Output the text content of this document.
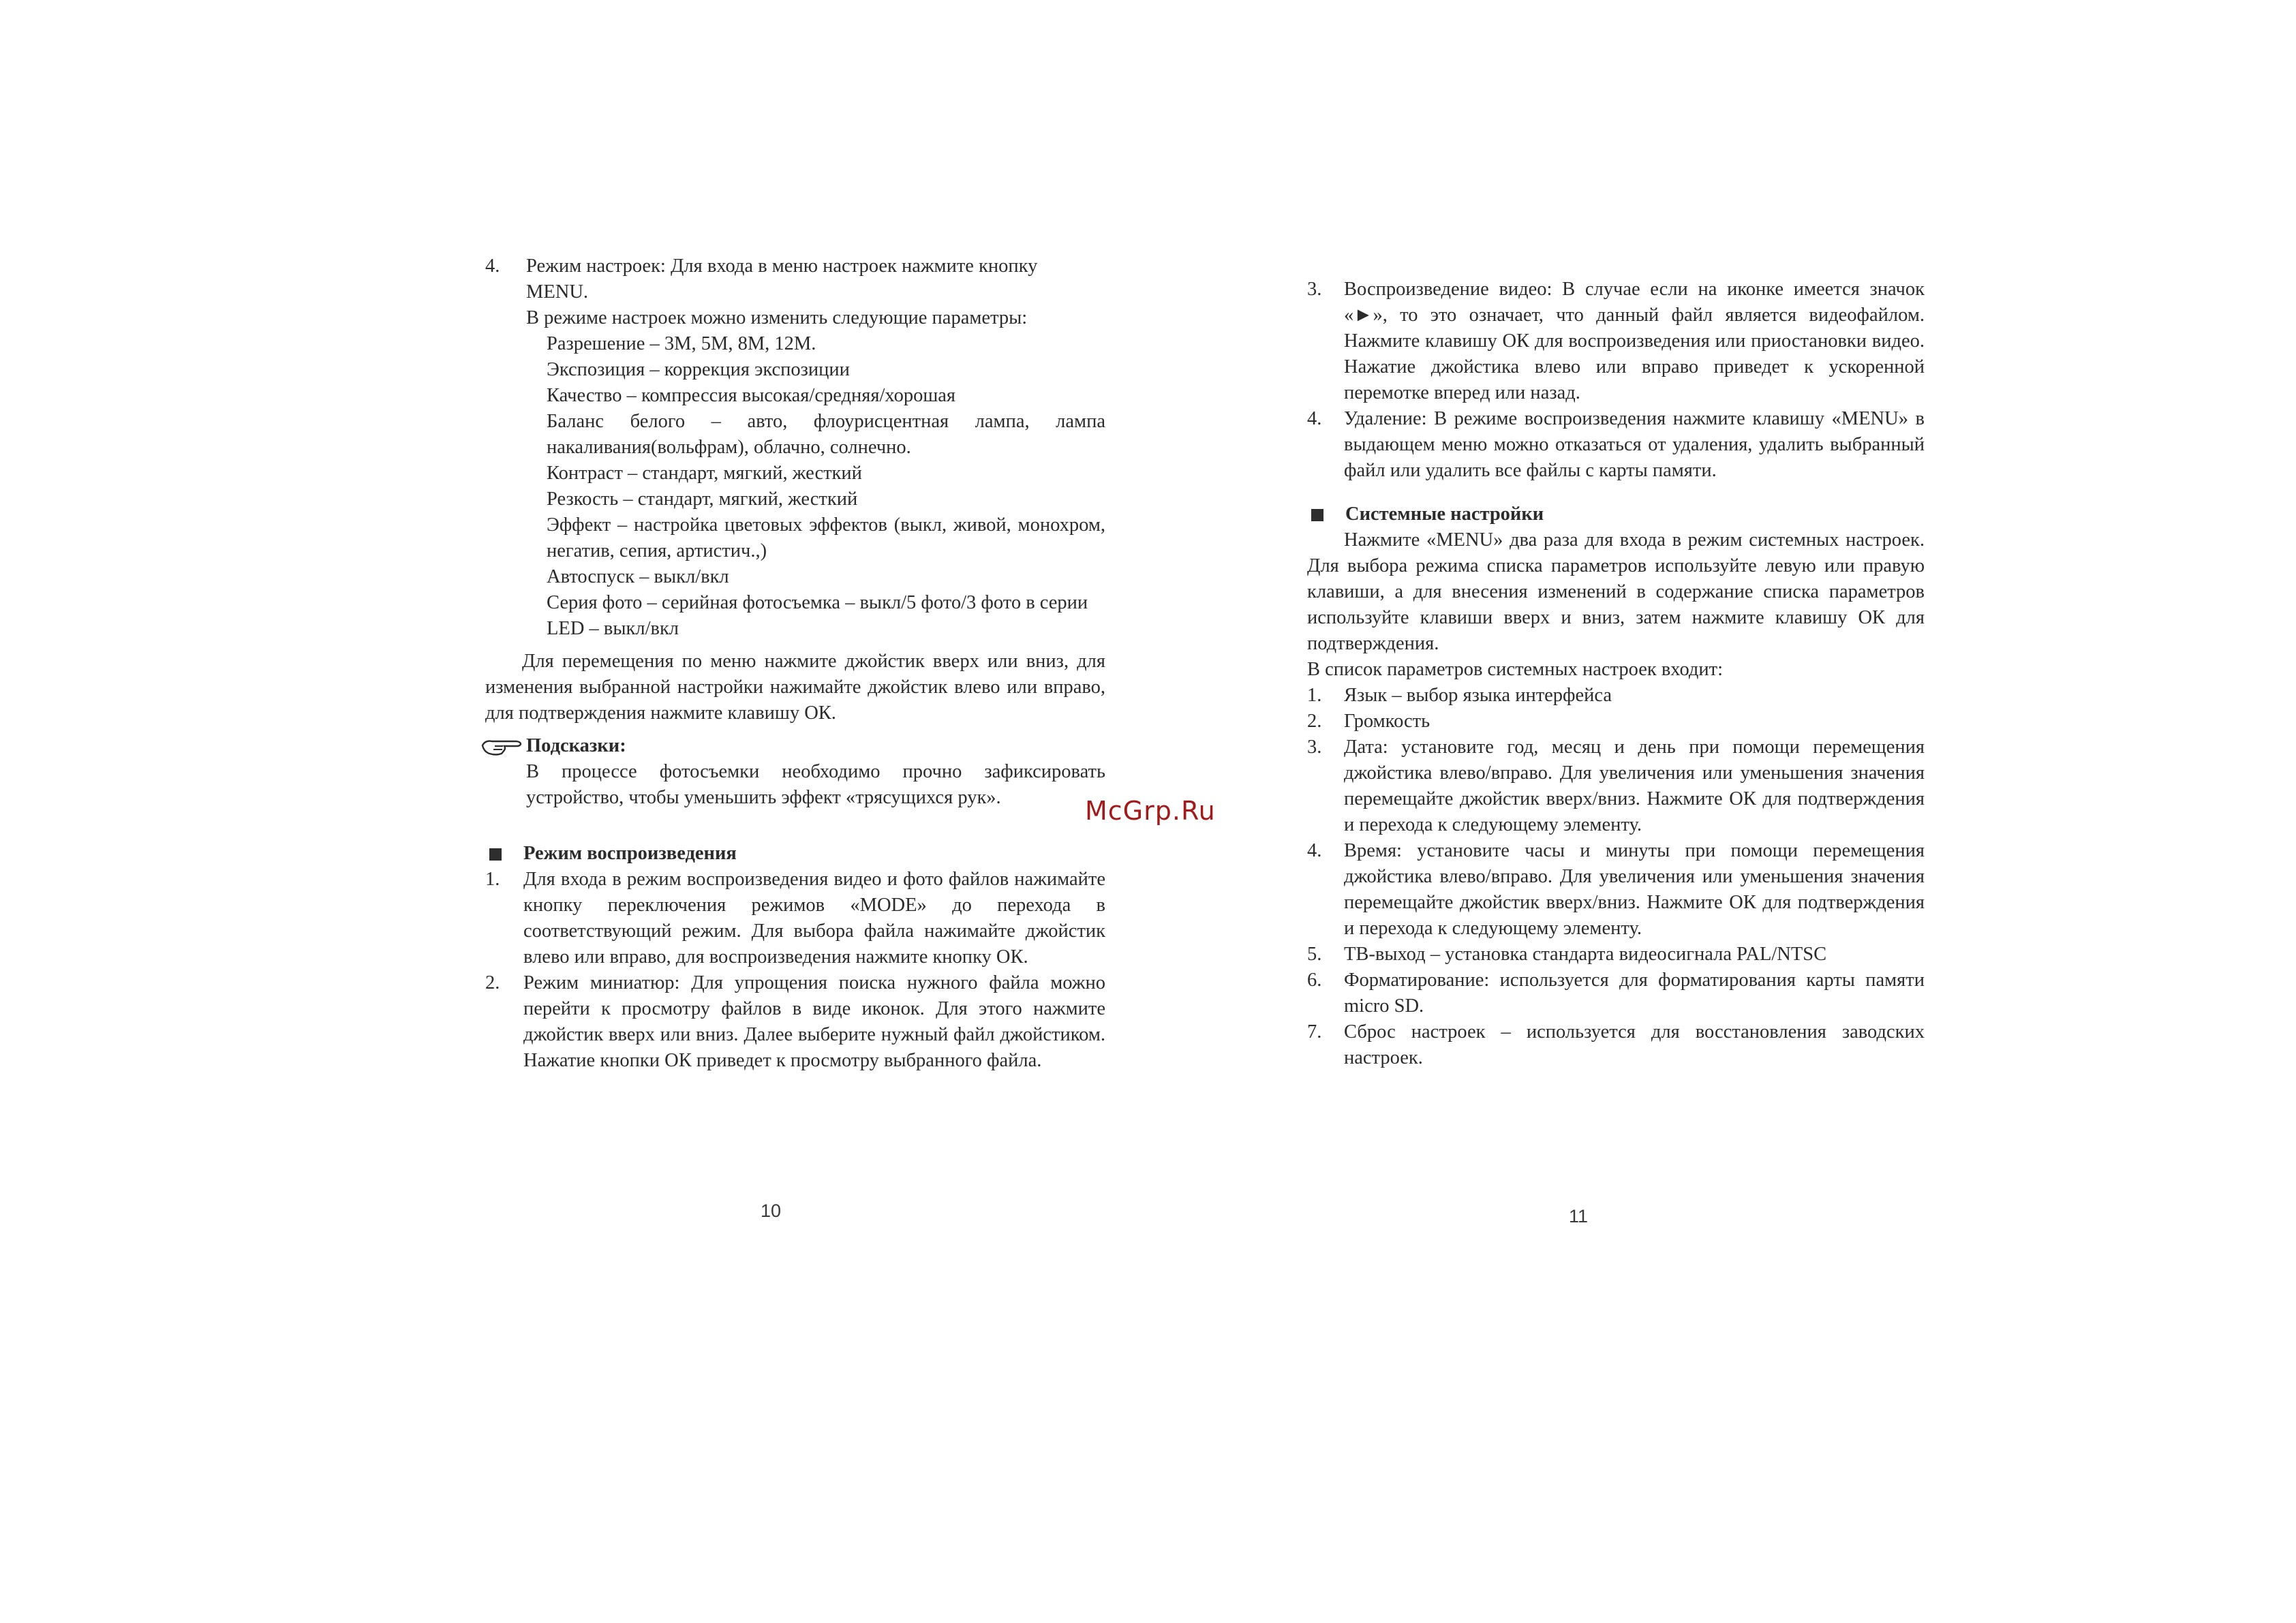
4. Режим настроек: Для входа в меню настроек нажмите кнопку
MENU.
В режиме настроек можно изменить следующие параметры:
Разрешение – 3М, 5М, 8М, 12М.
Экспозиция – коррекция экспозиции
Качество – компрессия высокая/средняя/хорошая
Баланс белого – авто, флоурисцентная лампа, лампа накаливания(вольфрам), облачно, солнечно.
Контраст – стандарт, мягкий, жесткий
Резкость – стандарт, мягкий, жесткий
Эффект – настройка цветовых эффектов (выкл, живой, монохром, негатив, сепия, артистич.,)
Автоспуск – выкл/вкл
Серия фото – серийная фотосъемка – выкл/5 фото/3 фото в серии
LED – выкл/вкл
Для перемещения по меню нажмите джойстик вверх или вниз, для изменения выбранной настройки нажимайте джойстик влево или вправо, для подтверждения нажмите клавишу ОК.
Подсказки:
В процессе фотосъемки необходимо прочно зафиксировать устройство, чтобы уменьшить эффект «трясущихся рук».
Режим воспроизведения
1. Для входа в режим воспроизведения видео и фото файлов нажимайте кнопку переключения режимов «MODE» до перехода в соответствующий режим. Для выбора файла нажимайте джойстик влево или вправо, для воспроизведения нажмите кнопку ОК.
2. Режим миниатюр: Для упрощения поиска нужного файла можно перейти к просмотру файлов в виде иконок. Для этого нажмите джойстик вверх или вниз. Далее выберите нужный файл джойстиком. Нажатие кнопки ОК приведет к просмотру выбранного файла.
10
3. Воспроизведение видео: В случае если на иконке имеется значок «►», то это означает, что данный файл является видеофайлом. Нажмите клавишу ОК для воспроизведения или приостановки видео. Нажатие джойстика влево или вправо приведет к ускоренной перемотке вперед или назад.
4. Удаление: В режиме воспроизведения нажмите клавишу «MENU» в выдающем меню можно отказаться от удаления, удалить выбранный файл или удалить все файлы с карты памяти.
Системные настройки
Нажмите «MENU» два раза для входа в режим системных настроек. Для выбора режима списка параметров используйте левую или правую клавиши, а для внесения изменений в содержание списка параметров используйте клавиши вверх и вниз, затем нажмите клавишу ОК для подтверждения.
В список параметров системных настроек входит:
1. Язык – выбор языка интерфейса
2. Громкость
3. Дата: установите год, месяц и день при помощи перемещения джойстика влево/вправо. Для увеличения или уменьшения значения перемещайте джойстик вверх/вниз. Нажмите ОК для подтверждения и перехода к следующему элементу.
4. Время: установите часы и минуты при помощи перемещения джойстика влево/вправо. Для увеличения или уменьшения значения перемещайте джойстик вверх/вниз. Нажмите ОК для подтверждения и перехода к следующему элементу.
5. ТВ-выход – установка стандарта видеосигнала PAL/NTSC
6. Форматирование: используется для форматирования карты памяти micro SD.
7. Сброс настроек – используется для восстановления заводских настроек.
11
McGrp.Ru
